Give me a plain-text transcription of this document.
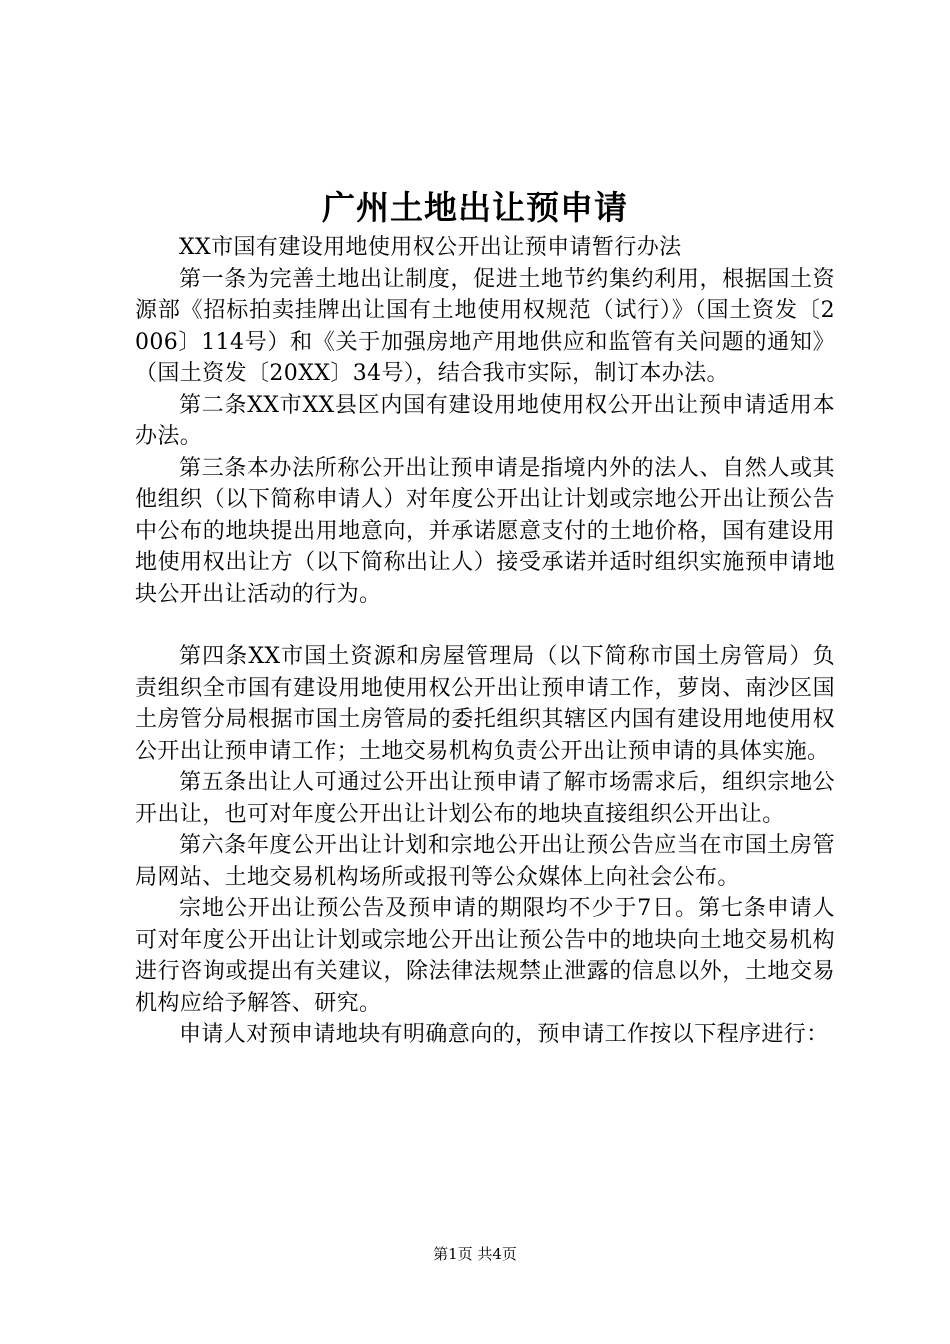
广州土地出让预申请

XX市国有建设用地使用权公开出让预申请暂行办法

第一条为完善土地出让制度，促进土地节约集约利用，根据国土资源部《招标拍卖挂牌出让国有土地使用权规范（试行）》（国土资发〔2006〕114号）和《关于加强房地产用地供应和监管有关问题的通知》（国土资发〔20XX〕34号），结合我市实际，制订本办法。

第二条XX市XX县区内国有建设用地使用权公开出让预申请适用本办法。

第三条本办法所称公开出让预申请是指境内外的法人、自然人或其他组织（以下简称申请人）对年度公开出让计划或宗地公开出让预公告中公布的地块提出用地意向，并承诺愿意支付的土地价格，国有建设用地使用权出让方（以下简称出让人）接受承诺并适时组织实施预申请地块公开出让活动的行为。

第四条XX市国土资源和房屋管理局（以下简称市国土房管局）负责组织全市国有建设用地使用权公开出让预申请工作，萝岗、南沙区国土房管分局根据市国土房管局的委托组织其辖区内国有建设用地使用权公开出让预申请工作；土地交易机构负责公开出让预申请的具体实施。

第五条出让人可通过公开出让预申请了解市场需求后，组织宗地公开出让，也可对年度公开出让计划公布的地块直接组织公开出让。

第六条年度公开出让计划和宗地公开出让预公告应当在市国土房管局网站、土地交易机构场所或报刊等公众媒体上向社会公布。

宗地公开出让预公告及预申请的期限均不少于7日。第七条申请人可对年度公开出让计划或宗地公开出让预公告中的地块向土地交易机构进行咨询或提出有关建议，除法律法规禁止泄露的信息以外，土地交易机构应给予解答、研究。

申请人对预申请地块有明确意向的，预申请工作按以下程序进行：

第1页 共4页
